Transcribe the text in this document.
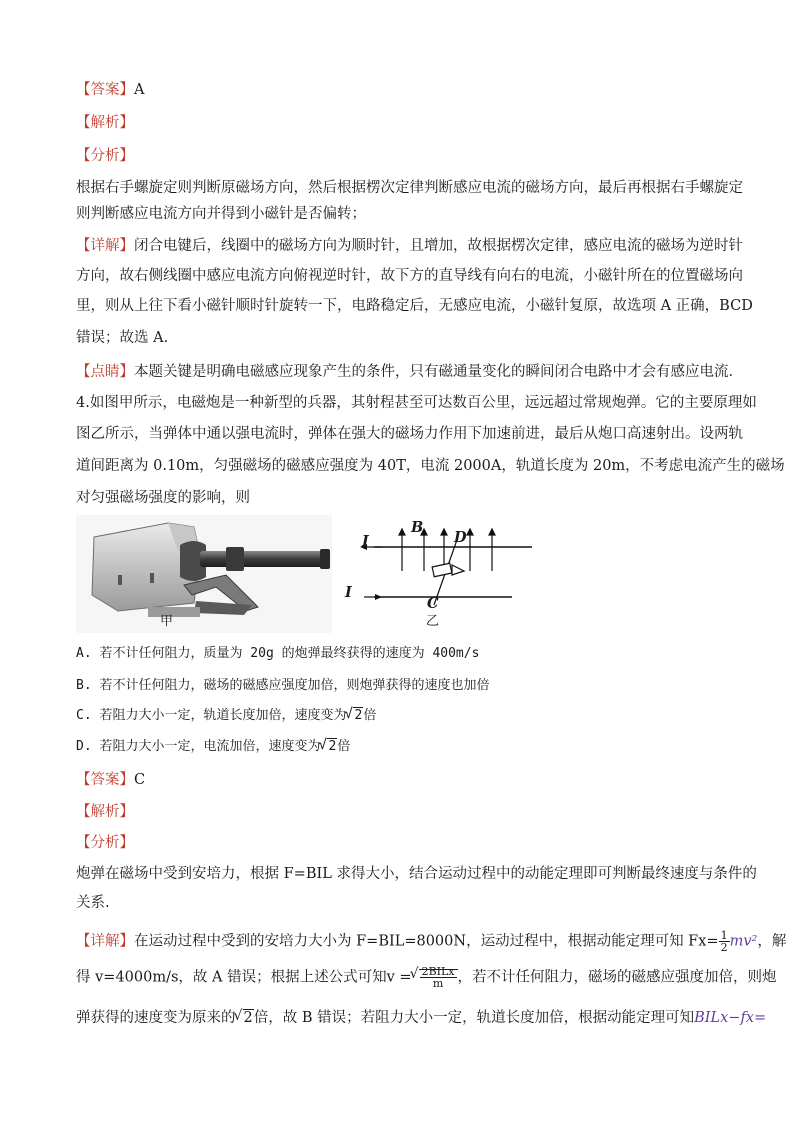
【答案】A
【解析】
【分析】
根据右手螺旋定则判断原磁场方向，然后根据楞次定律判断感应电流的磁场方向，最后再根据右手螺旋定
则判断感应电流方向并得到小磁针是否偏转；
【详解】闭合电键后，线圈中的磁场方向为顺时针，且增加，故根据楞次定律，感应电流的磁场为逆时针
方向，故右侧线圈中感应电流方向俯视逆时针，故下方的直导线有向右的电流，小磁针所在的位置磁场向
里，则从上往下看小磁针顺时针旋转一下，电路稳定后，无感应电流，小磁针复原，故选项 A 正确，BCD
错误；故选 A.
【点睛】本题关键是明确电磁感应现象产生的条件，只有磁通量变化的瞬间闭合电路中才会有感应电流．
4.如图甲所示，电磁炮是一种新型的兵器，其射程甚至可达数百公里，远远超过常规炮弹。它的主要原理如
图乙所示，当弹体中通以强电流时，弹体在强大的磁场力作用下加速前进，最后从炮口高速射出。设两轨
道间距离为 0.10m，匀强磁场的磁感应强度为 40T，电流 2000A，轨道长度为 20m，不考虑电流产生的磁场
对匀强磁场强度的影响，则
甲
I
I
B
D
C
乙
A. 若不计任何阻力，质量为 20g 的炮弹最终获得的速度为 400m/s
B. 若不计任何阻力，磁场的磁感应强度加倍，则炮弹获得的速度也加倍
C. 若阻力大小一定，轨道长度加倍，速度变为 √ 2倍
D. 若阻力大小一定，电流加倍，速度变为 √ 2倍
【答案】C
【解析】
【分析】
炮弹在磁场中受到安培力，根据 F=BIL 求得大小，结合运动过程中的动能定理即可判断最终速度与条件的
关系.
【详解】在运动过程中受到的安培力大小为 F=BIL=8000N，运动过程中，根据动能定理可知 $Fx= \frac{1}{2} mv^2$，解
得 v=4000m/s，故 A 错误；根据上述公式可知v = √ $\frac{\text{2BILx}}{m}$ ，若不计任何阻力，磁场的磁感应强度加倍，则炮
弹获得的速度变为原来的 √ 2倍，故 B 错误；若阻力大小一定，轨道长度加倍，根据动能定理可知BILx−fx=
